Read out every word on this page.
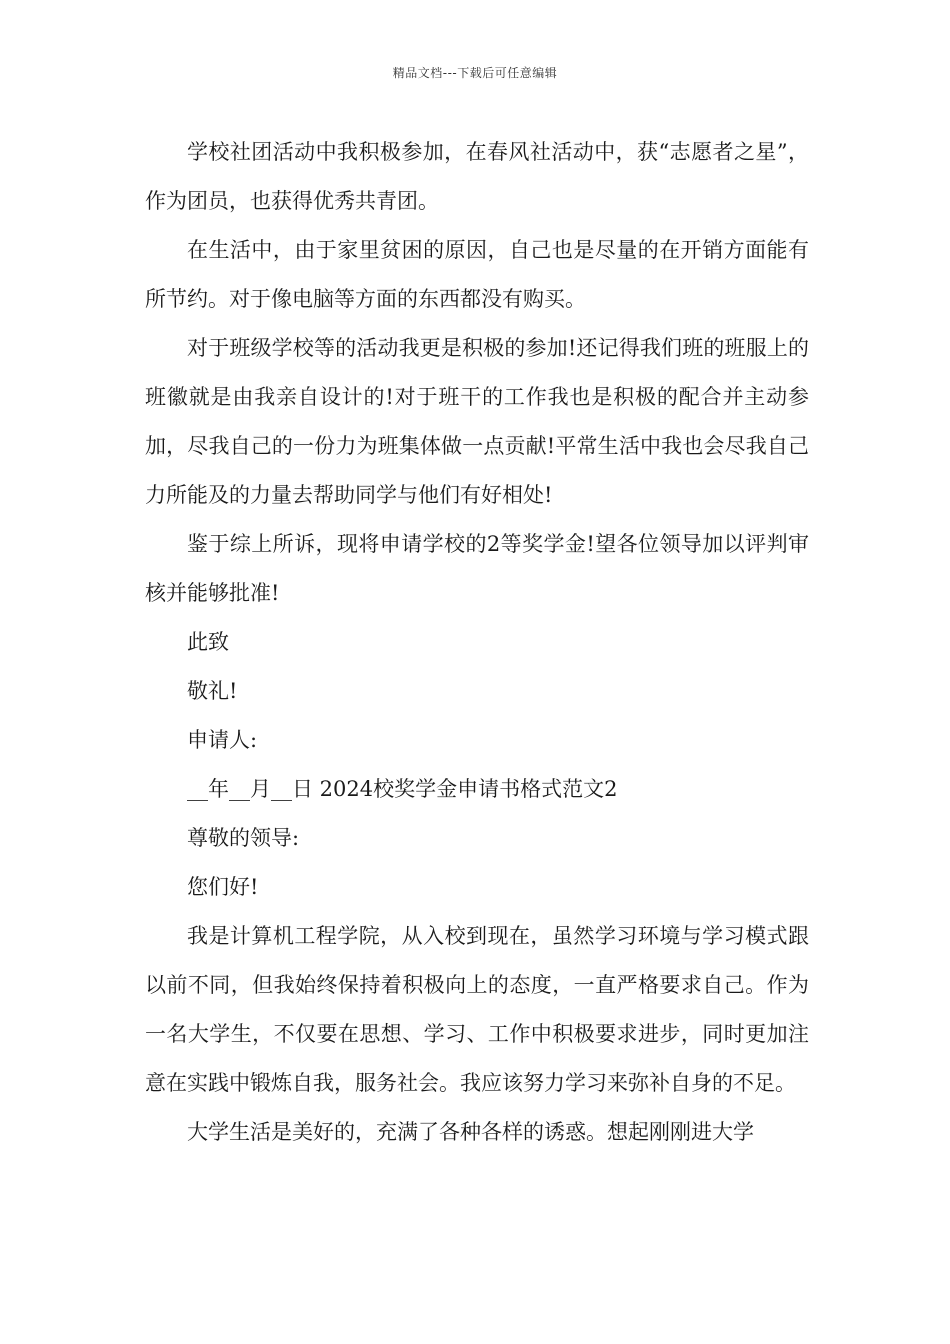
精品文档---下载后可任意编辑

学校社团活动中我积极参加，在春风社活动中，获“志愿者之星”，作为团员，也获得优秀共青团。

在生活中，由于家里贫困的原因，自己也是尽量的在开销方面能有所节约。对于像电脑等方面的东西都没有购买。

对于班级学校等的活动我更是积极的参加!还记得我们班的班服上的班徽就是由我亲自设计的!对于班干的工作我也是积极的配合并主动参加，尽我自己的一份力为班集体做一点贡献!平常生活中我也会尽我自己力所能及的力量去帮助同学与他们有好相处!

鉴于综上所诉，现将申请学校的2等奖学金!望各位领导加以评判审核并能够批准!

此致

敬礼!

申请人:

__年__月__日 2024校奖学金申请书格式范文2

尊敬的领导:

您们好!

我是计算机工程学院，从入校到现在，虽然学习环境与学习模式跟以前不同，但我始终保持着积极向上的态度，一直严格要求自己。作为一名大学生，不仅要在思想、学习、工作中积极要求进步，同时更加注意在实践中锻炼自我，服务社会。我应该努力学习来弥补自身的不足。

大学生活是美好的，充满了各种各样的诱惑。想起刚刚进大学
